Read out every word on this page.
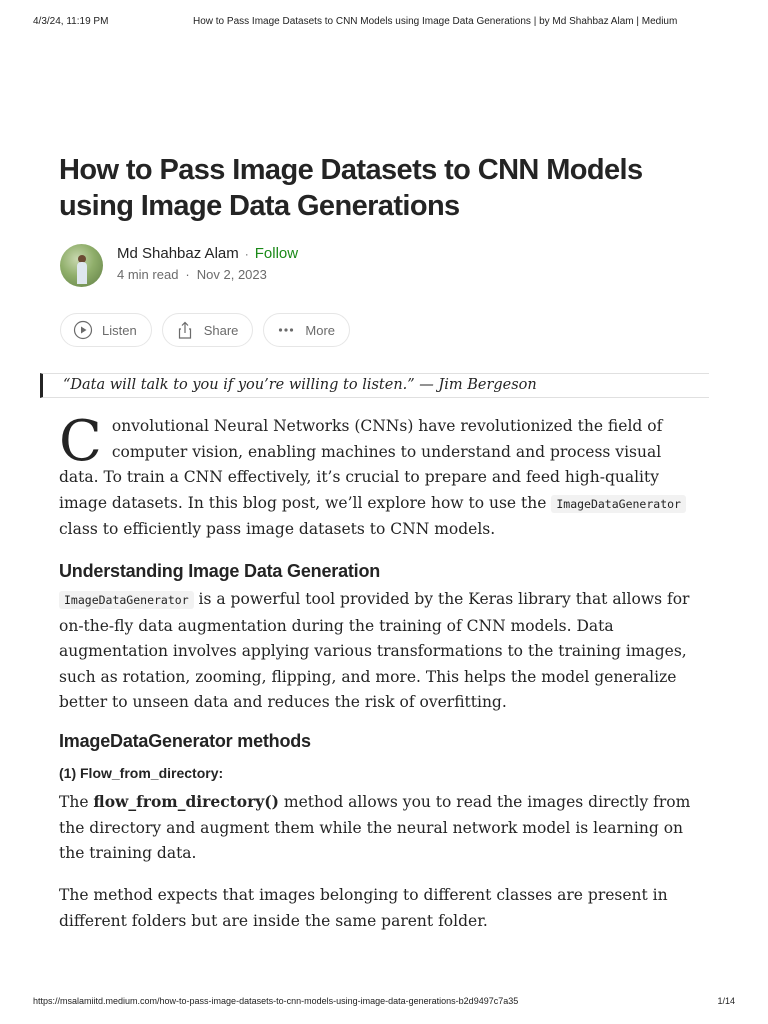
4/3/24, 11:19 PM	How to Pass Image Datasets to CNN Models using Image Data Generations | by Md Shahbaz Alam | Medium
How to Pass Image Datasets to CNN Models using Image Data Generations
Md Shahbaz Alam · Follow
4 min read · Nov 2, 2023
Listen	Share	More
“Data will talk to you if you’re willing to listen.” — Jim Bergeson

Convolutional Neural Networks (CNNs) have revolutionized the field of computer vision, enabling machines to understand and process visual data. To train a CNN effectively, it’s crucial to prepare and feed high-quality image datasets. In this blog post, we’ll explore how to use the ImageDataGenerator class to efficiently pass image datasets to CNN models.

Understanding Image Data Generation

ImageDataGenerator is a powerful tool provided by the Keras library that allows for on-the-fly data augmentation during the training of CNN models. Data augmentation involves applying various transformations to the training images, such as rotation, zooming, flipping, and more. This helps the model generalize better to unseen data and reduces the risk of overfitting.

ImageDataGenerator methods
(1) Flow_from_directory:

The flow_from_directory() method allows you to read the images directly from the directory and augment them while the neural network model is learning on the training data.

The method expects that images belonging to different classes are present in different folders but are inside the same parent folder.

https://msalamiitd.medium.com/how-to-pass-image-datasets-to-cnn-models-using-image-data-generations-b2d9497c7a35	1/14
